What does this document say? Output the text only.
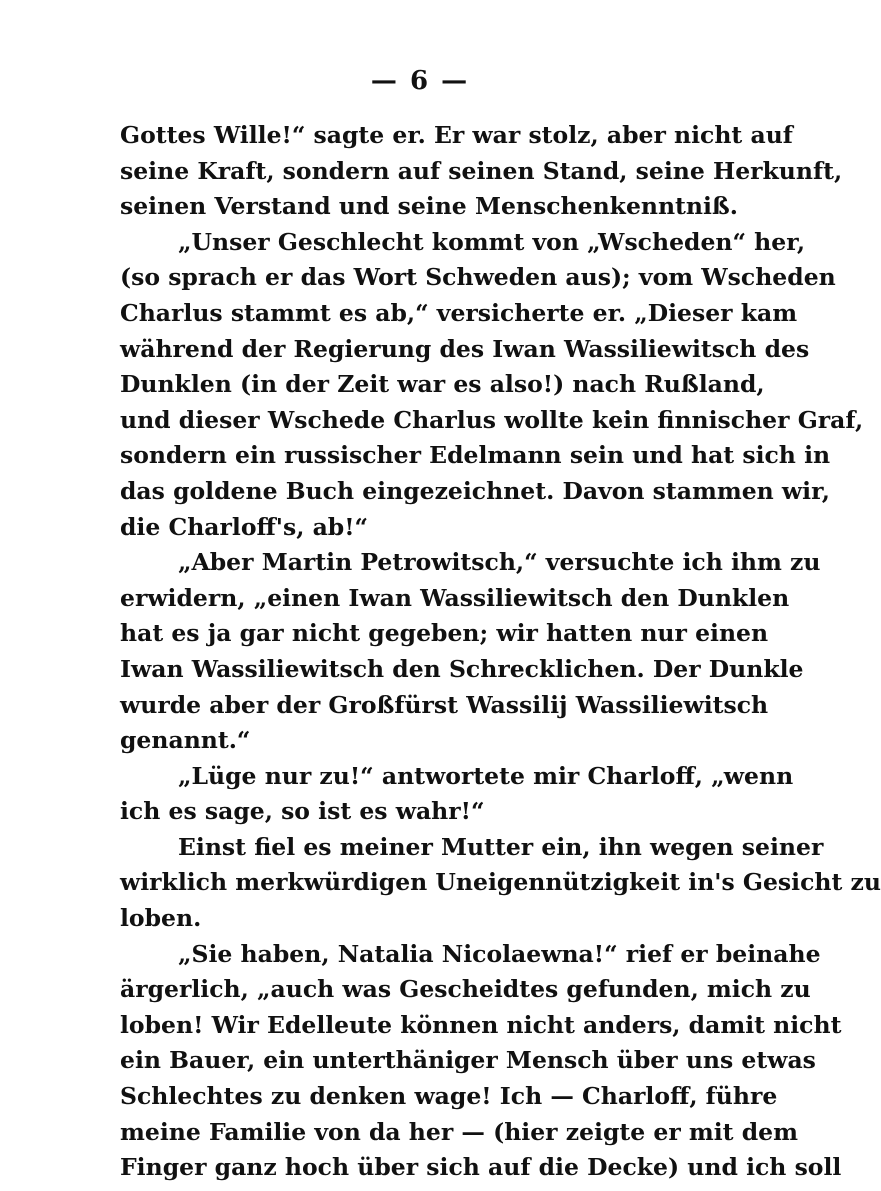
— 6 —
Gottes Wille!“ sagte er. Er war stolz, aber nicht auf
seine Kraft, sondern auf seinen Stand, seine Herkunft,
seinen Verstand und seine Menschenkenntniß.
„Unser Geschlecht kommt von „Wscheden“ her,
(so sprach er das Wort Schweden aus); vom Wscheden
Charlus stammt es ab,“ versicherte er. „Dieser kam
während der Regierung des Iwan Wassiliewitsch des
Dunklen (in der Zeit war es also!) nach Rußland,
und dieser Wschede Charlus wollte kein finnischer Graf,
sondern ein russischer Edelmann sein und hat sich in
das goldene Buch eingezeichnet. Davon stammen wir,
die Charloff's, ab!“
„Aber Martin Petrowitsch,“ versuchte ich ihm zu
erwidern, „einen Iwan Wassiliewitsch den Dunklen
hat es ja gar nicht gegeben; wir hatten nur einen
Iwan Wassiliewitsch den Schrecklichen. Der Dunkle
wurde aber der Großfürst Wassilij Wassiliewitsch
genannt.“
„Lüge nur zu!“ antwortete mir Charloff, „wenn
ich es sage, so ist es wahr!“
Einst fiel es meiner Mutter ein, ihn wegen seiner
wirklich merkwürdigen Uneigennützigkeit in's Gesicht zu
loben.
„Sie haben, Natalia Nicolaewna!“ rief er beinahe
ärgerlich, „auch was Gescheidtes gefunden, mich zu
loben! Wir Edelleute können nicht anders, damit nicht
ein Bauer, ein unterthäniger Mensch über uns etwas
Schlechtes zu denken wage! Ich — Charloff, führe
meine Familie von da her — (hier zeigte er mit dem
Finger ganz hoch über sich auf die Decke) und ich soll
